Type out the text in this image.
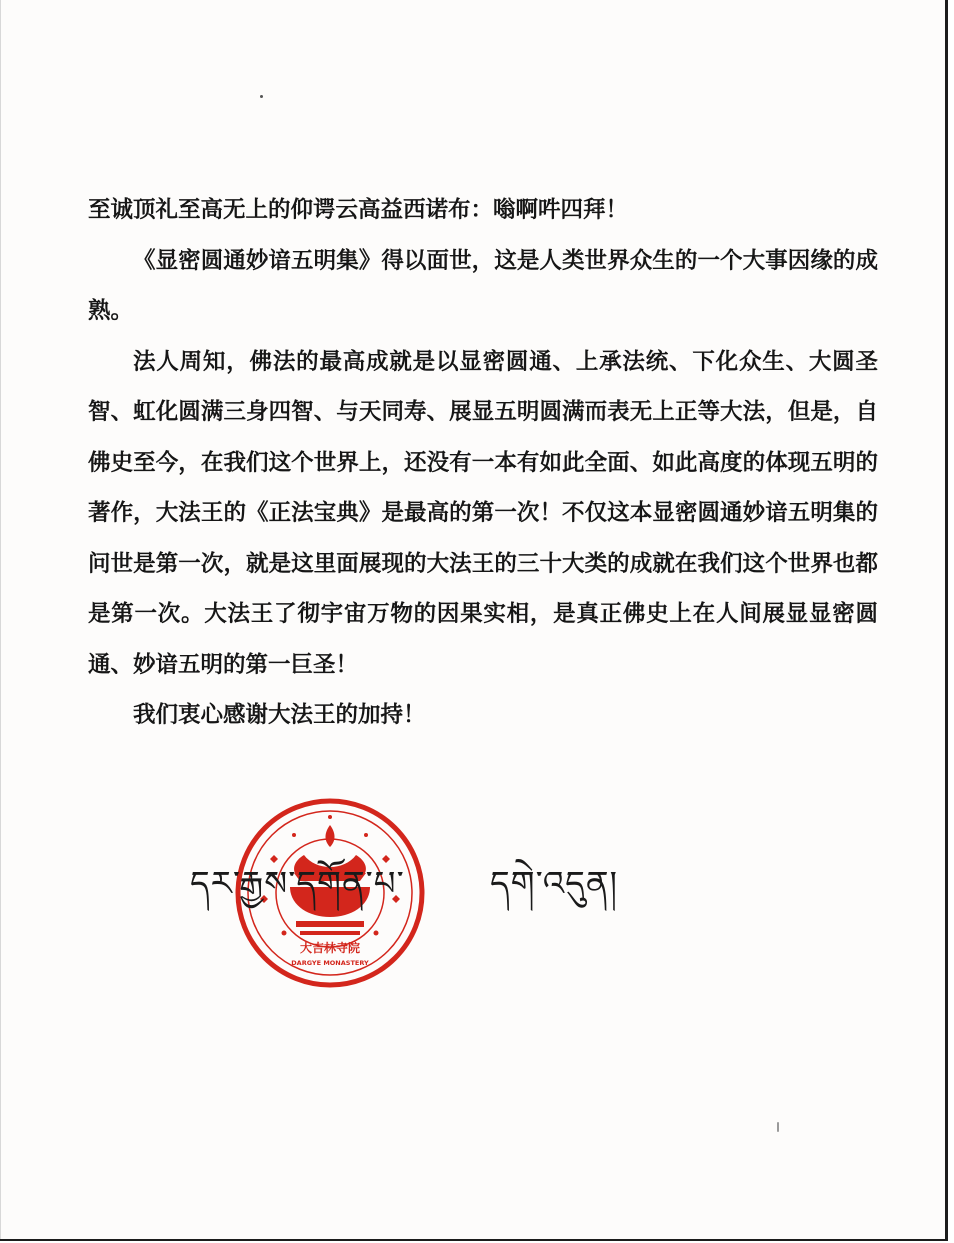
至诚顶礼至高无上的仰谔云高益西诺布：嗡啊吽四拜！

《显密圆通妙谙五明集》得以面世，这是人类世界众生的一个大事因缘的成熟。

法人周知，佛法的最高成就是以显密圆通、上承法统、下化众生、大圆圣智、虹化圆满三身四智、与天同寿、展显五明圆满而表无上正等大法，但是，自佛史至今，在我们这个世界上，还没有一本有如此全面、如此高度的体现五明的著作，大法王的《正法宝典》是最高的第一次！不仅这本显密圆通妙谙五明集的问世是第一次，就是这里面展现的大法王的三十大类的成就在我们这个世界也都是第一次。大法王了彻宇宙万物的因果实相，是真正佛史上在人间展显显密圆通、妙谙五明的第一巨圣！

我们衷心感谢大法王的加持！

大吉林寺院
DARGYE MONASTERY
དར་རྒྱས་དགོན་པ་	དགེ་འདུན།
